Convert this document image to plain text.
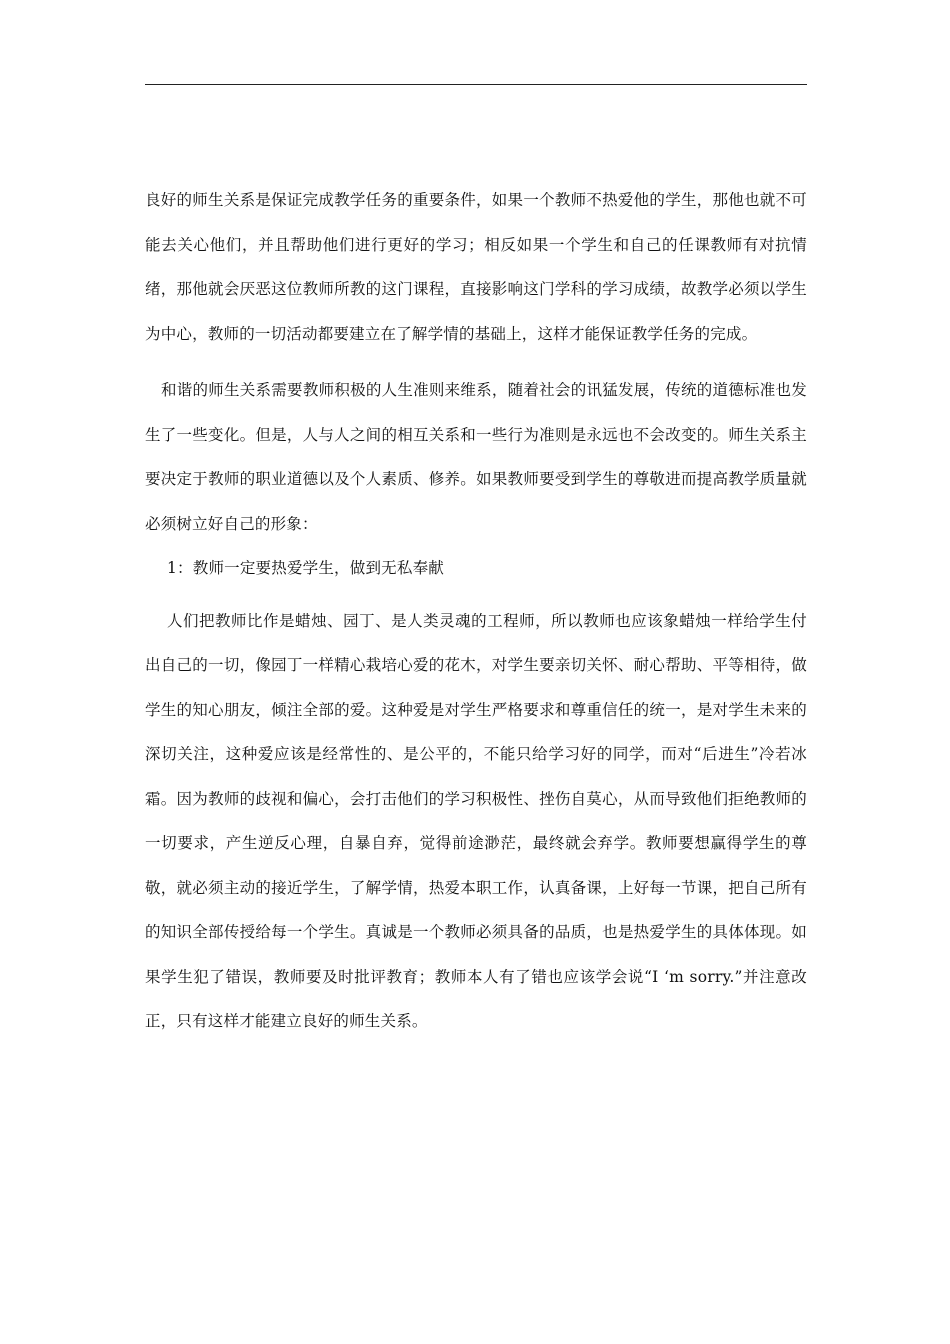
良好的师生关系是保证完成教学任务的重要条件，如果一个教师不热爱他的学生，那他也就不可能去关心他们，并且帮助他们进行更好的学习；相反如果一个学生和自己的任课教师有对抗情绪，那他就会厌恶这位教师所教的这门课程，直接影响这门学科的学习成绩，故教学必须以学生为中心，教师的一切活动都要建立在了解学情的基础上，这样才能保证教学任务的完成。

和谐的师生关系需要教师积极的人生准则来维系，随着社会的讯猛发展，传统的道德标准也发生了一些变化。但是，人与人之间的相互关系和一些行为准则是永远也不会改变的。师生关系主要决定于教师的职业道德以及个人素质、修养。如果教师要受到学生的尊敬进而提高教学质量就必须树立好自己的形象：

1：教师一定要热爱学生，做到无私奉献

人们把教师比作是蜡烛、园丁、是人类灵魂的工程师，所以教师也应该象蜡烛一样给学生付出自己的一切，像园丁一样精心栽培心爱的花木，对学生要亲切关怀、耐心帮助、平等相待，做学生的知心朋友，倾注全部的爱。这种爱是对学生严格要求和尊重信任的统一，是对学生未来的深切关注，这种爱应该是经常性的、是公平的，不能只给学习好的同学，而对“后进生”冷若冰霜。因为教师的歧视和偏心，会打击他们的学习积极性、挫伤自莫心，从而导致他们拒绝教师的一切要求，产生逆反心理，自暴自弃，觉得前途渺茫，最终就会弃学。教师要想赢得学生的尊敬，就必须主动的接近学生，了解学情，热爱本职工作，认真备课，上好每一节课，把自己所有的知识全部传授给每一个学生。真诚是一个教师必须具备的品质，也是热爱学生的具体体现。如果学生犯了错误，教师要及时批评教育；教师本人有了错也应该学会说“I ‘m sorry.”并注意改正，只有这样才能建立良好的师生关系。
